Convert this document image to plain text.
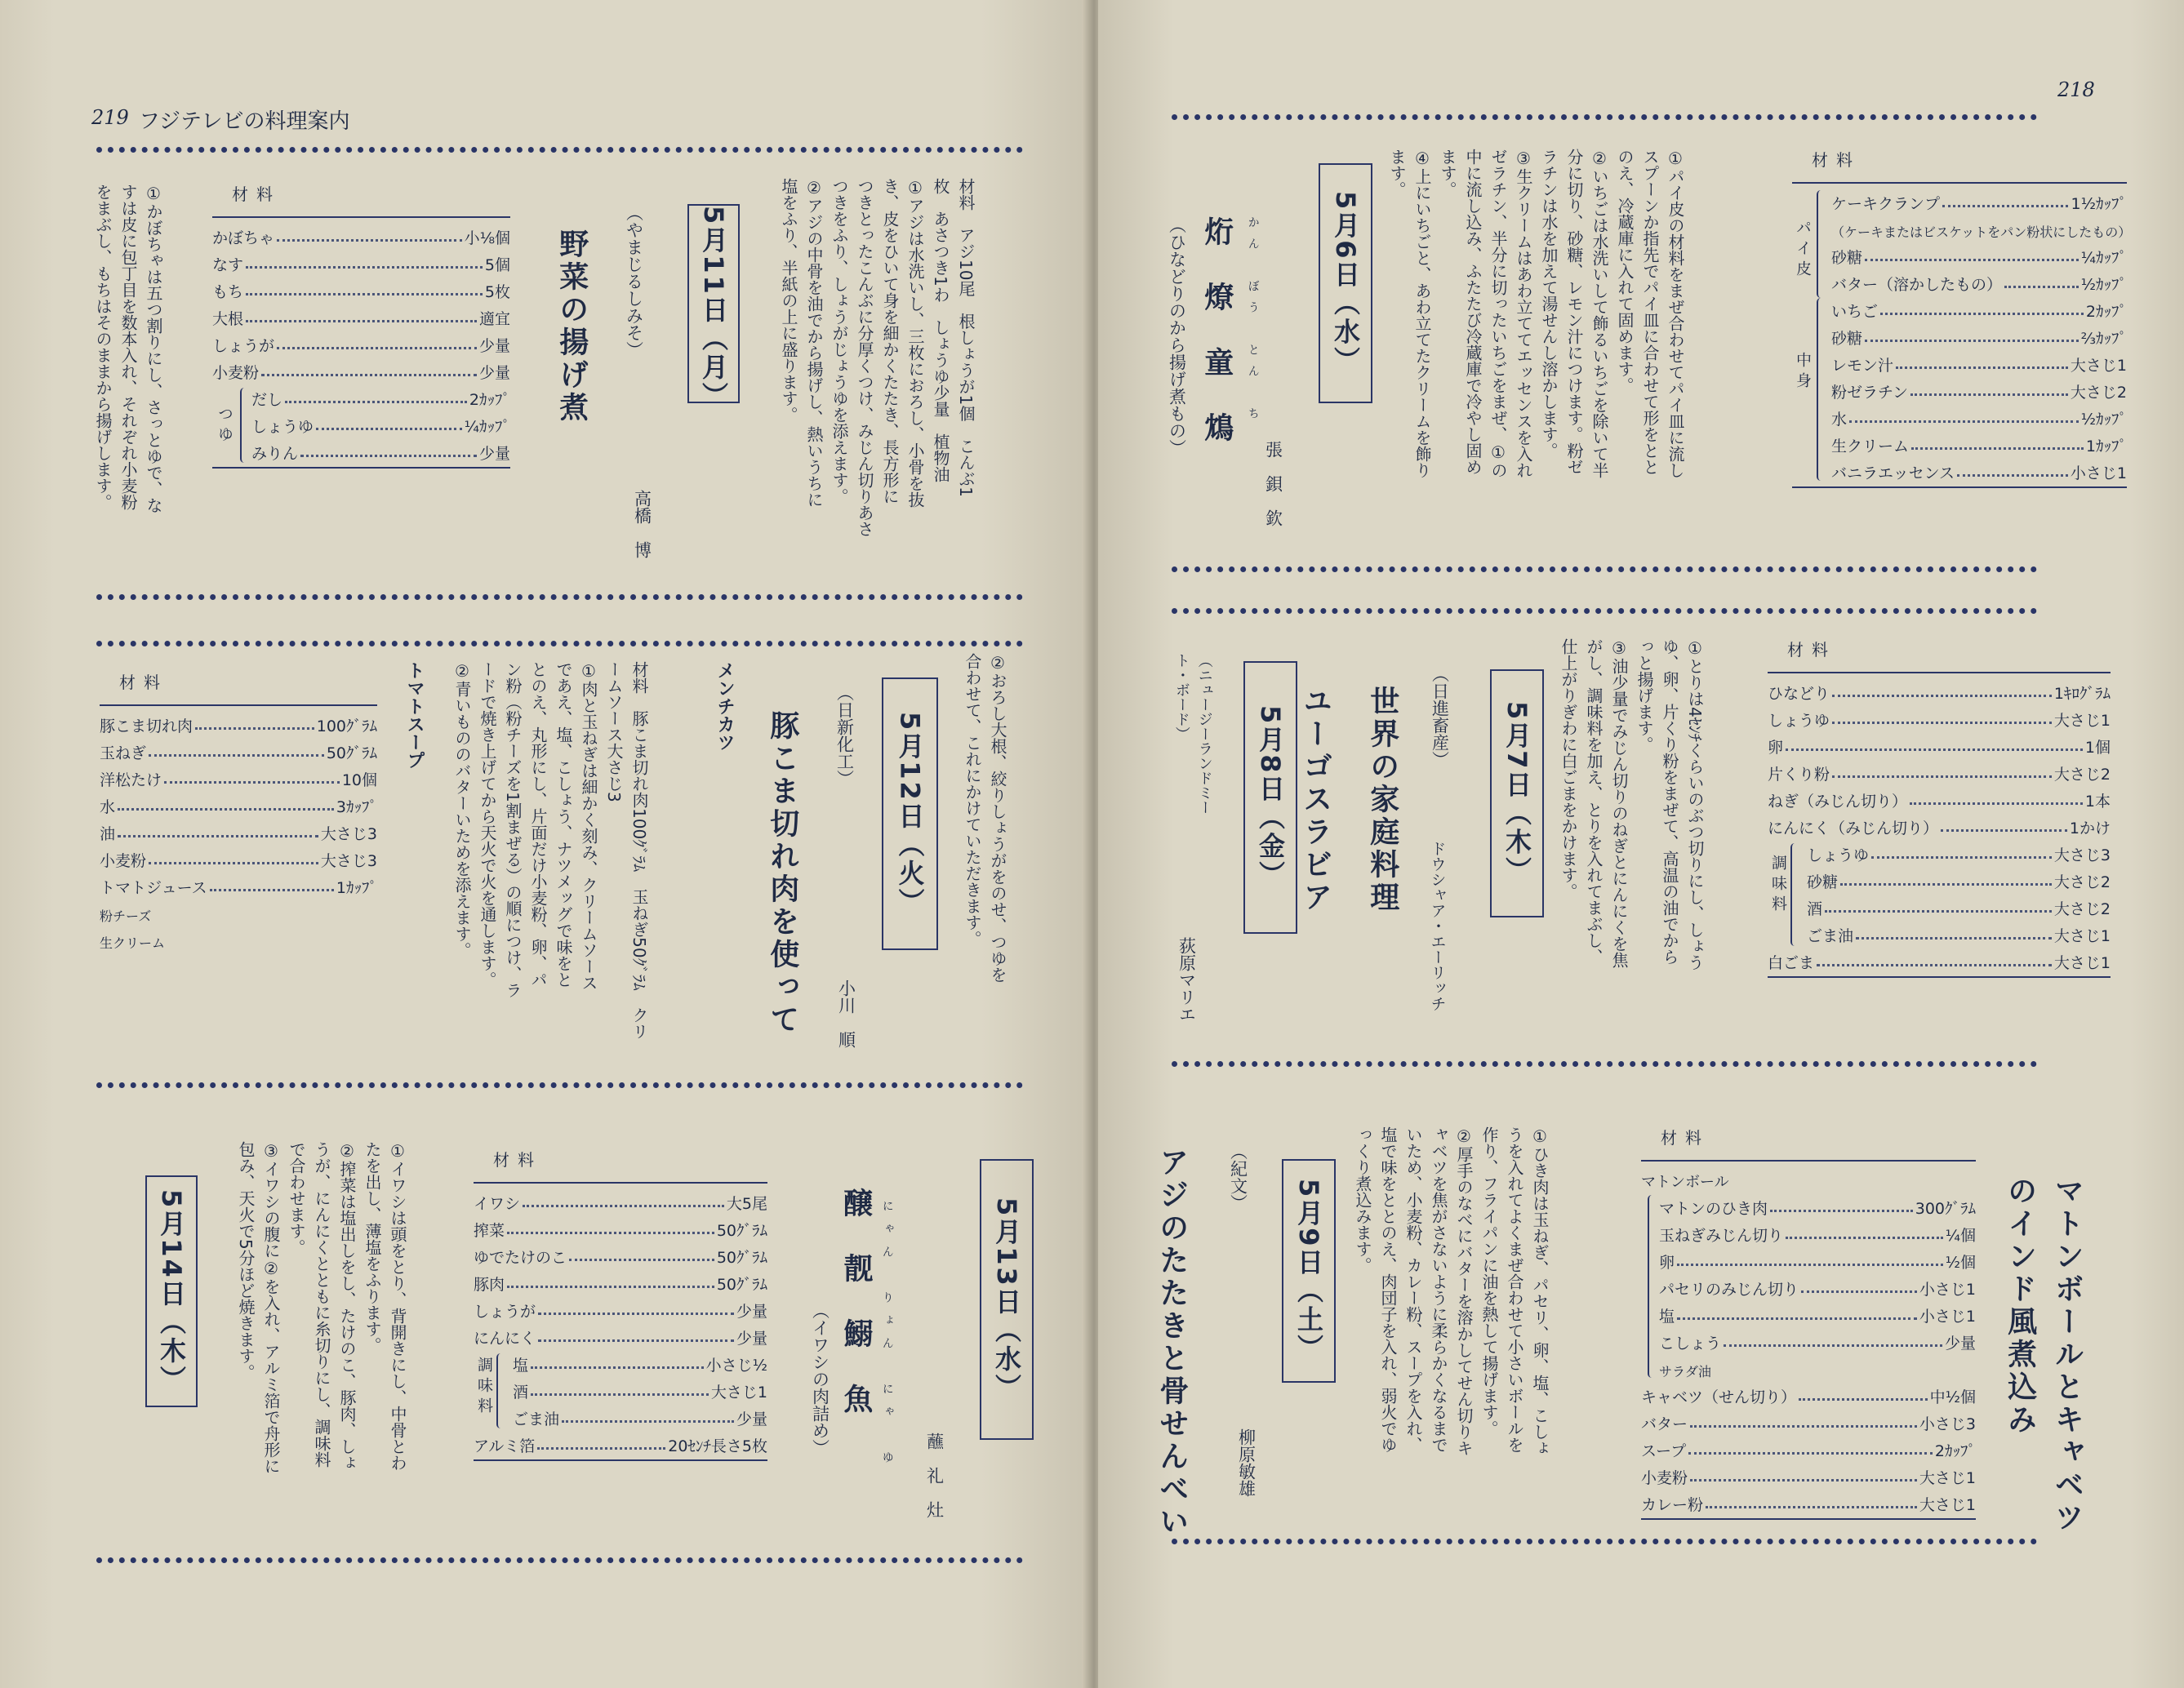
219 フジテレビの料理案内
5月11日（月）
野菜の揚げ煮	（やまじるしみそ）
高橋　博
材料　アジ10尾　根しょうが1個　こんぶ1
枚　あさつき1わ　しょうゆ少量　植物油
①アジは水洗いし、三枚におろし、小骨を抜
き、皮をひいて身を細かくたたき、長方形に
つきとったこんぶに分厚くつけ、みじん切りあさ
つきをふり、しょうがじょうゆを添えます。
②アジの中骨を油でから揚げし、熱いうちに
塩をふり、半紙の上に盛ります。
①かぼちゃは五つ割りにし、さっとゆで、な
すは皮に包丁目を数本入れ、それぞれ小麦粉
をまぶし、もちはそのままから揚げします。	材料
かぼちゃ	小⅛個
なす	5個
もち	5枚
大根	適宜
しょうが	少量
小麦粉	少量
つゆ
だし	2ｶｯﾌﾟ
しょうゆ	¼ｶｯﾌﾟ
みりん	少量
5月12日（火）
豚こま切れ肉を使って	（日新化工）
小川　順
②おろし大根、絞りしょうがをのせ、つゆを
合わせて、これにかけていただきます。
メンチカツ
材料　豚こま切れ肉100ｸﾞﾗﾑ　玉ねぎ50ｸﾞﾗﾑ　クリ
ームソース大さじ3
①肉と玉ねぎは細かく刻み、クリームソース
であえ、塩、こしょう、ナツメッグで味をと
とのえ、丸形にし、片面だけ小麦粉、卵、パ
ン粉（粉チーズを1割まぜる）の順につけ、ラ
ードで焼き上げてから天火で火を通します。
②青いもののバターいためを添えます。
トマトスープ
材料
豚こま切れ肉	100ｸﾞﾗﾑ
玉ねぎ	50ｸﾞﾗﾑ
洋松たけ	10個
水	3ｶｯﾌﾟ
油	大さじ3
小麦粉	大さじ3
トマトジュース	1ｶｯﾌﾟ
粉チーズ
生クリーム
5月13日（水）
醸　靓　鰯　魚 にゃん　りょん　にゃ　ゆ
（イワシの肉詰め）
蘸　礼　灶
材料
イワシ	大5尾
搾菜	50ｸﾞﾗﾑ
ゆでたけのこ	50ｸﾞﾗﾑ
豚肉	50ｸﾞﾗﾑ
しょうが	少量
にんにく	少量
調味料 塩	小さじ½
酒	大さじ1
ごま油	少量
アルミ箔	20ｾﾝﾁ長さ5枚
5月14日（木）	①イワシは頭をとり、背開きにし、中骨とわ
たを出し、薄塩をふります。
②搾菜は塩出しをし、たけのこ、豚肉、しょ
うが、にんにくとともに糸切りにし、調味料
で合わせます。
③イワシの腹に②を入れ、アルミ箔で舟形に
包み、天火で5分ほど焼きます。
218
5月6日（水）
烆　燎　童　鴆	かん　ぼう　とん　ち
（ひなどりのから揚げ煮もの）
張　鋇　欽
①パイ皮の材料をまぜ合わせてパイ皿に流し
スプーンか指先でパイ皿に合わせて形をとと
のえ、冷蔵庫に入れて固めます。
②いちごは水洗いして飾るいちごを除いて半
分に切り、砂糖、レモン汁につけます。粉ゼ
ラチンは水を加えて湯せんし溶かします。
③生クリームはあわ立ててエッセンスを入れ
ゼラチン、半分に切ったいちごをまぜ、①の
中に流し込み、ふたたび冷蔵庫で冷やし固め
ます。
④上にいちごと、あわ立てたクリームを飾り
ます。	材料
パイ皮
ケーキクランプ	1½ｶｯﾌﾟ
（ケーキまたはビスケットをパン粉状にしたもの）
砂糖	¼ｶｯﾌﾟ
バター（溶かしたもの）	½ｶｯﾌﾟ
中身
いちご	2ｶｯﾌﾟ
砂糖	⅔ｶｯﾌﾟ
レモン汁	大さじ1
粉ゼラチン	大さじ2
水	½ｶｯﾌﾟ
生クリーム	1ｶｯﾌﾟ
バニラエッセンス	小さじ1
5月7日（木）
世界の家庭料理	（日進畜産）
ドウシャア・エーリッチ	①とりは4ｾﾝﾁくらいのぶつ切りにし、しょう
ゆ、卵、片くり粉をまぜて、高温の油でから
っと揚げます。
③油少量でみじん切りのねぎとにんにくを焦
がし、調味料を加え、とりを入れてまぶし、
仕上がりぎわに白ごまをかけます。	材料
ひなどり	1ｷﾛｸﾞﾗﾑ
しょうゆ	大さじ1
卵	1個
片くり粉	大さじ2
ねぎ（みじん切り）	1本
にんにく（みじん切り）	1かけ
調味料 しょうゆ	大さじ3
砂糖	大さじ2
酒	大さじ2
ごま油	大さじ1
白ごま	大さじ1
5月8日（金） ユーゴスラビア
（ニュージーランドミート・ボード）
荻原マリエ
5月9日（土）
アジのたたきと骨せんべい	（紀文）
柳原敏雄
①ひき肉は玉ねぎ、パセリ、卵、塩、こしょ
うを入れてよくまぜ合わせて小さいボールを
作り、フライパンに油を熱して揚げます。
②厚手のなべにバターを溶かしてせん切りキ
ャベツを焦がさないように柔らかくなるまで
いため、小麦粉、カレー粉、スープを入れ、
塩で味をととのえ、肉団子を入れ、弱火でゆ
っくり煮込みます。	マトンボールとキャベツのインド風煮込み
材料
マトンボール
マトンのひき肉	300ｸﾞﾗﾑ
玉ねぎみじん切り	¼個
卵	½個
パセリのみじん切り	小さじ1
塩	小さじ1
こしょう	少量
サラダ油
キャベツ（せん切り）	中½個
バター	小さじ3
スープ	2ｶｯﾌﾟ
小麦粉	大さじ1
カレー粉	大さじ1
